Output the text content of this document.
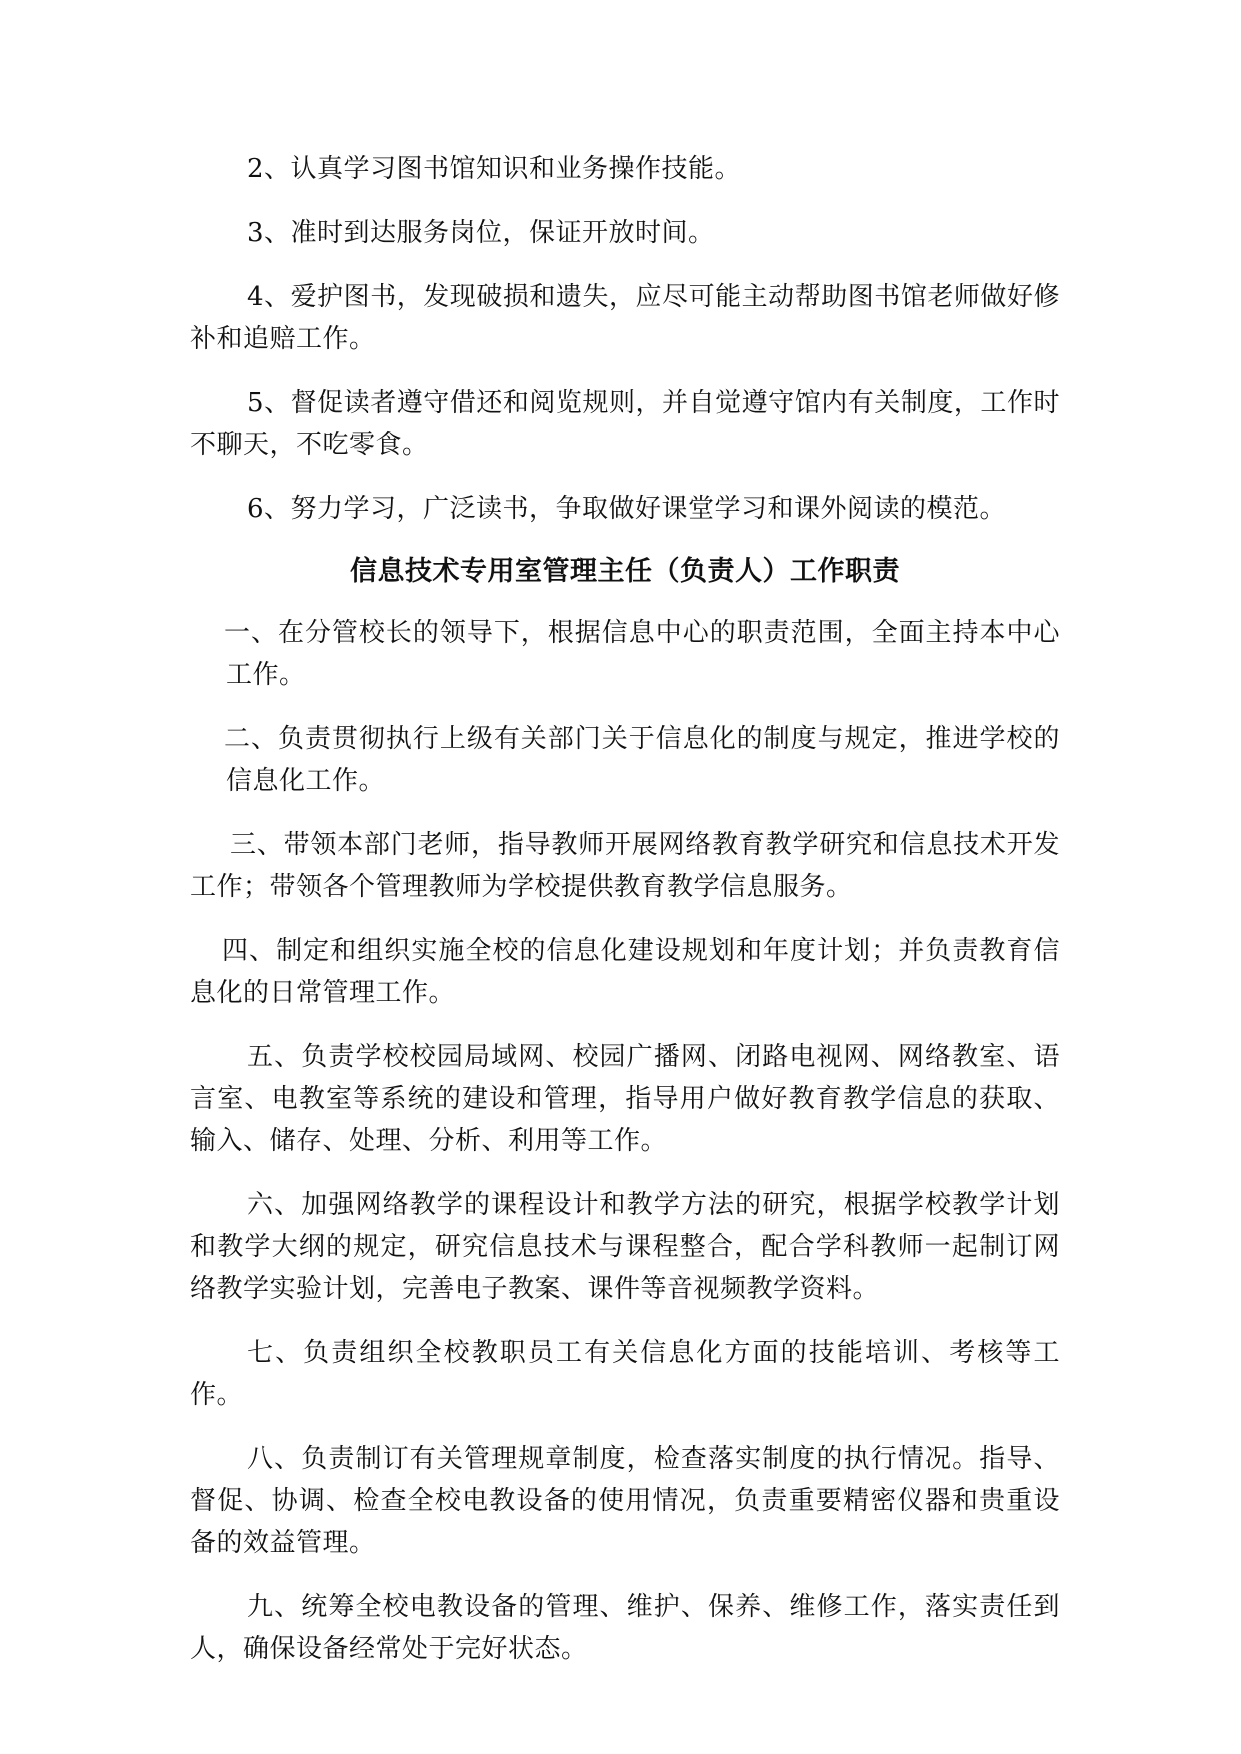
2、认真学习图书馆知识和业务操作技能。

3、准时到达服务岗位，保证开放时间。

4、爱护图书，发现破损和遗失，应尽可能主动帮助图书馆老师做好修补和追赔工作。

5、督促读者遵守借还和阅览规则，并自觉遵守馆内有关制度，工作时不聊天，不吃零食。

6、努力学习，广泛读书，争取做好课堂学习和课外阅读的模范。

信息技术专用室管理主任（负责人）工作职责

一、在分管校长的领导下，根据信息中心的职责范围，全面主持本中心工作。

二、负责贯彻执行上级有关部门关于信息化的制度与规定，推进学校的信息化工作。

三、带领本部门老师，指导教师开展网络教育教学研究和信息技术开发工作；带领各个管理教师为学校提供教育教学信息服务。

四、制定和组织实施全校的信息化建设规划和年度计划；并负责教育信息化的日常管理工作。

五、负责学校校园局域网、校园广播网、闭路电视网、网络教室、语言室、电教室等系统的建设和管理，指导用户做好教育教学信息的获取、输入、储存、处理、分析、利用等工作。

六、加强网络教学的课程设计和教学方法的研究，根据学校教学计划和教学大纲的规定，研究信息技术与课程整合，配合学科教师一起制订网络教学实验计划，完善电子教案、课件等音视频教学资料。

七、负责组织全校教职员工有关信息化方面的技能培训、考核等工作。

八、负责制订有关管理规章制度，检查落实制度的执行情况。指导、督促、协调、检查全校电教设备的使用情况，负责重要精密仪器和贵重设备的效益管理。

九、统筹全校电教设备的管理、维护、保养、维修工作，落实责任到人，确保设备经常处于完好状态。
